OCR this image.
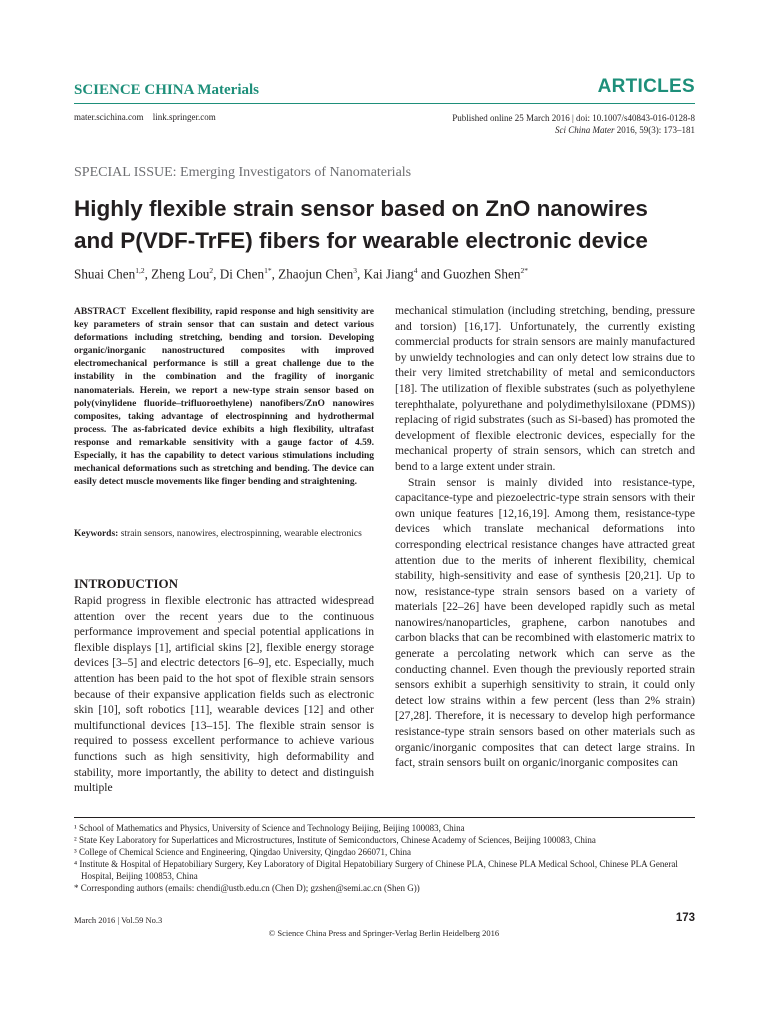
SCIENCE CHINA Materials	ARTICLES
mater.scichina.com link.springer.com	Published online 25 March 2016 | doi: 10.1007/s40843-016-0128-8
Sci China Mater 2016, 59(3): 173–181
SPECIAL ISSUE: Emerging Investigators of Nanomaterials
Highly flexible strain sensor based on ZnO nanowires
and P(VDF-TrFE) fibers for wearable electronic device
Shuai Chen$^{1,2}$, Zheng Lou$^2$, Di Chen$^{1*}$, Zhaojun Chen$^3$, Kai Jiang$^4$ and Guozhen Shen$^{2*}$
ABSTRACT Excellent flexibility, rapid response and high sensitivity are key parameters of strain sensor that can sustain and detect various deformations including stretching, bending and torsion. Developing organic/inorganic nanostructured composites with improved electromechanical performance is still a great challenge due to the instability in the combination and the fragility of inorganic nanomaterials. Herein, we report a new-type strain sensor based on poly(vinylidene fluoride–trifluoroethylene) nanofibers/ZnO nanowires composites, taking advantage of electrospinning and hydrothermal process. The as-fabricated device exhibits a high flexibility, ultrafast response and remarkable sensitivity with a gauge factor of 4.59. Especially, it has the capability to detect various stimulations including mechanical deformations such as stretching and bending. The device can easily detect muscle movements like finger bending and straightening.
Keywords: strain sensors, nanowires, electrospinning, wearable electronics
INTRODUCTION

Rapid progress in flexible electronic has attracted widespread attention over the recent years due to the continuous performance improvement and special potential applications in flexible displays [1], artificial skins [2], flexible energy storage devices [3–5] and electric detectors [6–9], etc. Especially, much attention has been paid to the hot spot of flexible strain sensors because of their expansive application fields such as electronic skin [10], soft robotics [11], wearable devices [12] and other multifunctional devices [13–15]. The flexible strain sensor is required to possess excellent performance to achieve various functions such as high sensitivity, high deformability and stability, more importantly, the ability to detect and distinguish multiple

mechanical stimulation (including stretching, bending, pressure and torsion) [16,17]. Unfortunately, the currently existing commercial products for strain sensors are mainly manufactured by unwieldy technologies and can only detect low strains due to their very limited stretchability of metal and semiconductors [18]. The utilization of flexible substrates (such as polyethylene terephthalate, polyurethane and polydimethylsiloxane (PDMS)) replacing of rigid substrates (such as Si-based) has promoted the development of flexible electronic devices, especially for the mechanical property of strain sensors, which can stretch and bend to a large extent under strain.

Strain sensor is mainly divided into resistance-type, capacitance-type and piezoelectric-type strain sensors with their own unique features [12,16,19]. Among them, resistance-type devices which translate mechanical deformations into corresponding electrical resistance changes have attracted great attention due to the merits of inherent flexibility, chemical stability, high-sensitivity and ease of synthesis [20,21]. Up to now, resistance-type strain sensors based on a variety of materials [22–26] have been developed rapidly such as metal nanowires/nanoparticles, graphene, carbon nanotubes and carbon blacks that can be recombined with elastomeric matrix to generate a percolating network which can serve as the conducting channel. Even though the previously reported strain sensors exhibit a superhigh sensitivity to strain, it could only detect low strains within a few percent (less than 2% strain) [27,28]. Therefore, it is necessary to develop high performance resistance-type strain sensors based on other materials such as organic/inorganic composites that can detect large strains. In fact, strain sensors built on organic/inorganic composites can

¹ School of Mathematics and Physics, University of Science and Technology Beijing, Beijing 100083, China
² State Key Laboratory for Superlattices and Microstructures, Institute of Semiconductors, Chinese Academy of Sciences, Beijing 100083, China
³ College of Chemical Science and Engineering, Qingdao University, Qingdao 266071, China
⁴ Institute & Hospital of Hepatobiliary Surgery, Key Laboratory of Digital Hepatobiliary Surgery of Chinese PLA, Chinese PLA Medical School, Chinese PLA General Hospital, Beijing 100853, China
* Corresponding authors (emails: chendi@ustb.edu.cn (Chen D); gzshen@semi.ac.cn (Shen G))
March 2016 | Vol.59 No.3	173
© Science China Press and Springer-Verlag Berlin Heidelberg 2016
